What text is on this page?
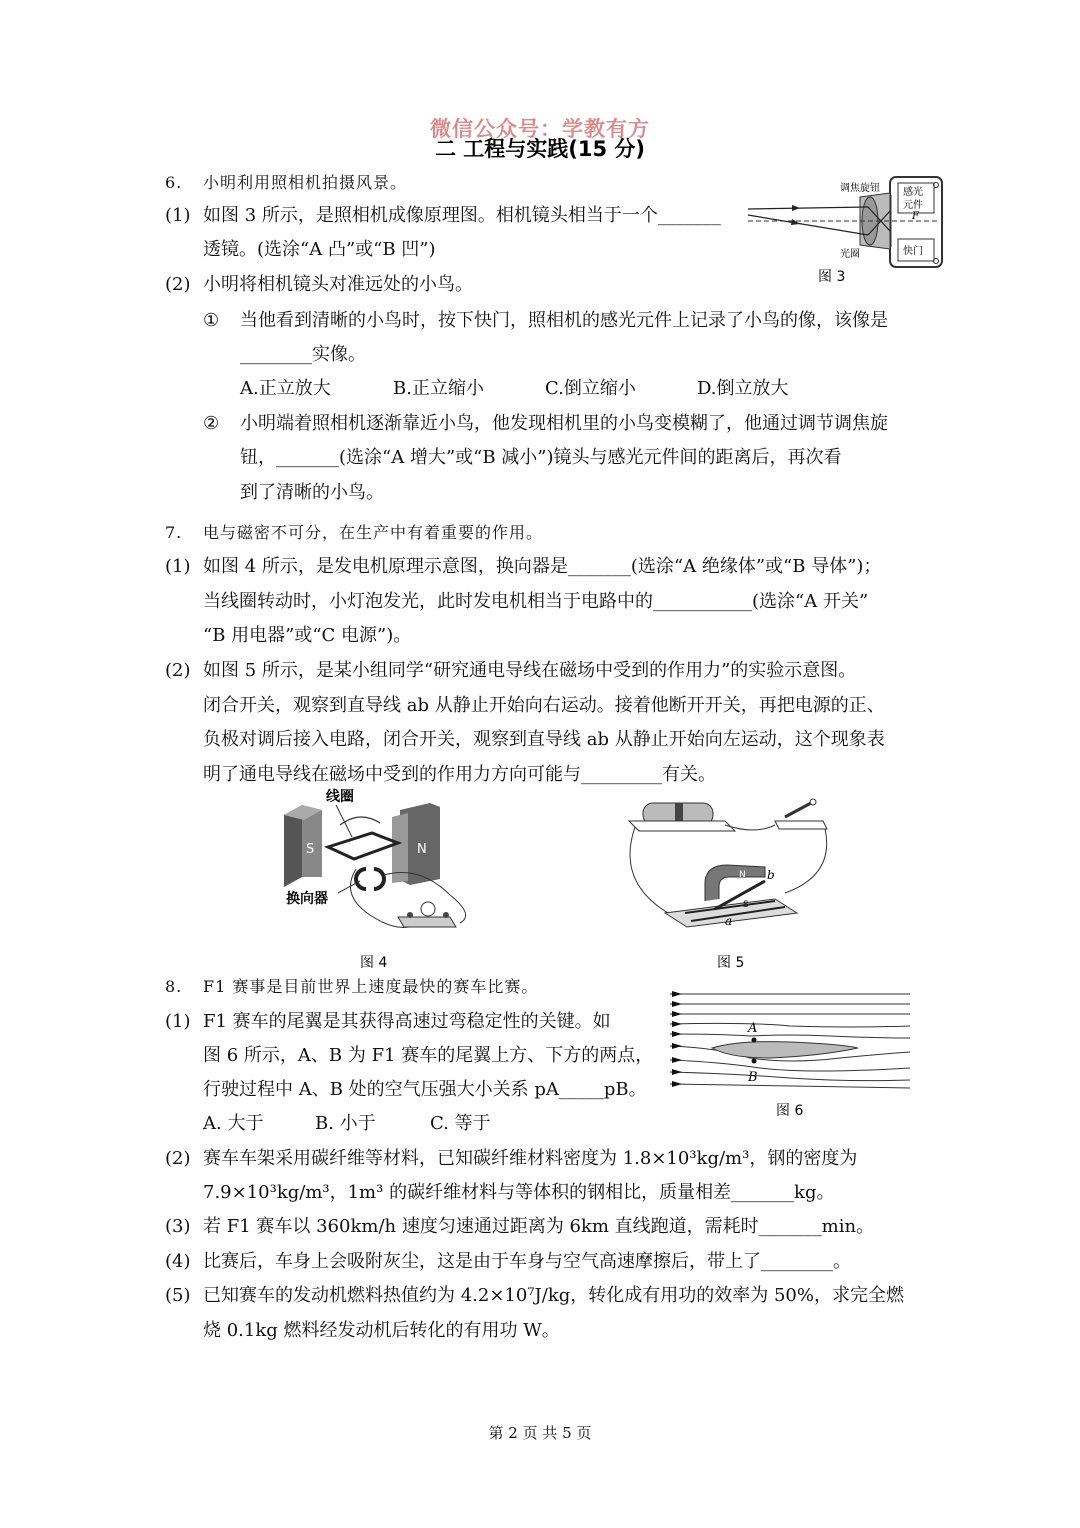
微信公众号：学教有方
二 工程与实践(15 分)
6. 小明利用照相机拍摄风景。
(1) 如图 3 所示，是照相机成像原理图。相机镜头相当于一个_______
透镜。(选涂“A 凸”或“B 凹”)
(2) 小明将相机镜头对准远处的小鸟。
① 当他看到清晰的小鸟时，按下快门，照相机的感光元件上记录了小鸟的像，该像是
________实像。
A.正立放大	B.正立缩小	C.倒立缩小	D.倒立放大
② 小明端着照相机逐渐靠近小鸟，他发现相机里的小鸟变模糊了，他通过调节调焦旋
钮，_______(选涂“A 增大”或“B 减小”)镜头与感光元件间的距离后，再次看
到了清晰的小鸟。
调焦旋钮 感光
元件
F
光圈	快门
图 3
7. 电与磁密不可分，在生产中有着重要的作用。
(1) 如图 4 所示，是发电机原理示意图，换向器是_______(选涂“A 绝缘体”或“B 导体”)；
当线圈转动时，小灯泡发光，此时发电机相当于电路中的___________(选涂“A 开关”
“B 用电器”或“C 电源”)。
(2) 如图 5 所示，是某小组同学“研究通电导线在磁场中受到的作用力”的实验示意图。
闭合开关，观察到直导线 ab 从静止开始向右运动。接着他断开开关，再把电源的正、
负极对调后接入电路，闭合开关，观察到直导线 ab 从静止开始向左运动，这个现象表
明了通电导线在磁场中受到的作用力方向可能与_________有关。
S	N
线圈
换向器
图 4
a
b
N
S
图 5
8. F1 赛事是目前世界上速度最快的赛车比赛。
(1) F1 赛车的尾翼是其获得高速过弯稳定性的关键。如
图 6 所示，A、B 为 F1 赛车的尾翼上方、下方的两点，
行驶过程中 A、B 处的空气压强大小关系 pA_____pB。
A. 大于	B. 小于	C. 等于
A
B
图 6
(2) 赛车车架采用碳纤维等材料，已知碳纤维材料密度为 1.8×10³kg/m³，钢的密度为
7.9×10³kg/m³，1m³ 的碳纤维材料与等体积的钢相比，质量相差_______kg。
(3) 若 F1 赛车以 360km/h 速度匀速通过距离为 6km 直线跑道，需耗时_______min。
(4) 比赛后，车身上会吸附灰尘，这是由于车身与空气高速摩擦后，带上了________。
(5) 已知赛车的发动机燃料热值约为 4.2×10⁷J/kg，转化成有用功的效率为 50%，求完全燃
烧 0.1kg 燃料经发动机后转化的有用功 W。
第 2 页 共 5 页
